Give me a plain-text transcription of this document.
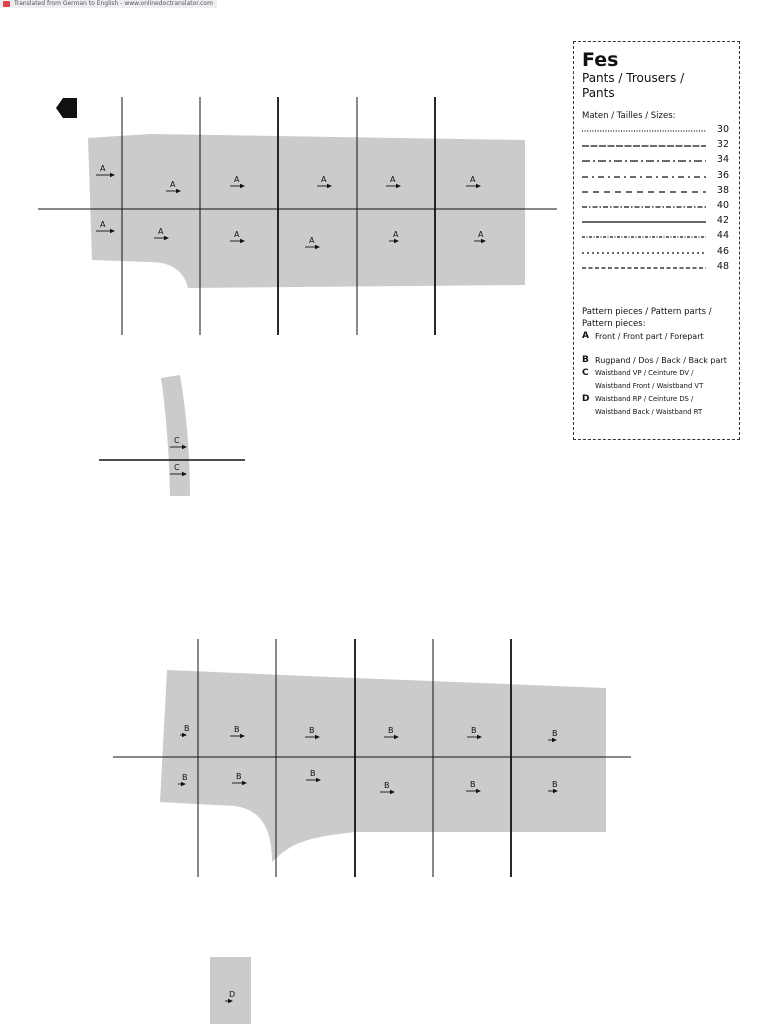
Translated from German to English - www.onlinedoctranslator.com
A
A
A	A	A	A
A
A	A
A
A	A
B	B	B	B	B	B
B	B	B
B	B	B
C
C
D
Fes

Pants / Trousers / Pants

Maten / Tailles / Sizes:

30
32
34
36
38
40
42
44
46
48

Pattern pieces / Pattern parts / Pattern pieces:

A Front / Front part / Forepart
B Rugpand / Dos / Back / Back part
C Waistband VP / Ceinture DV / Waistband Front / Waistband VT
D Waistband RP / Ceinture DS / Waistband Back / Waistband RT
